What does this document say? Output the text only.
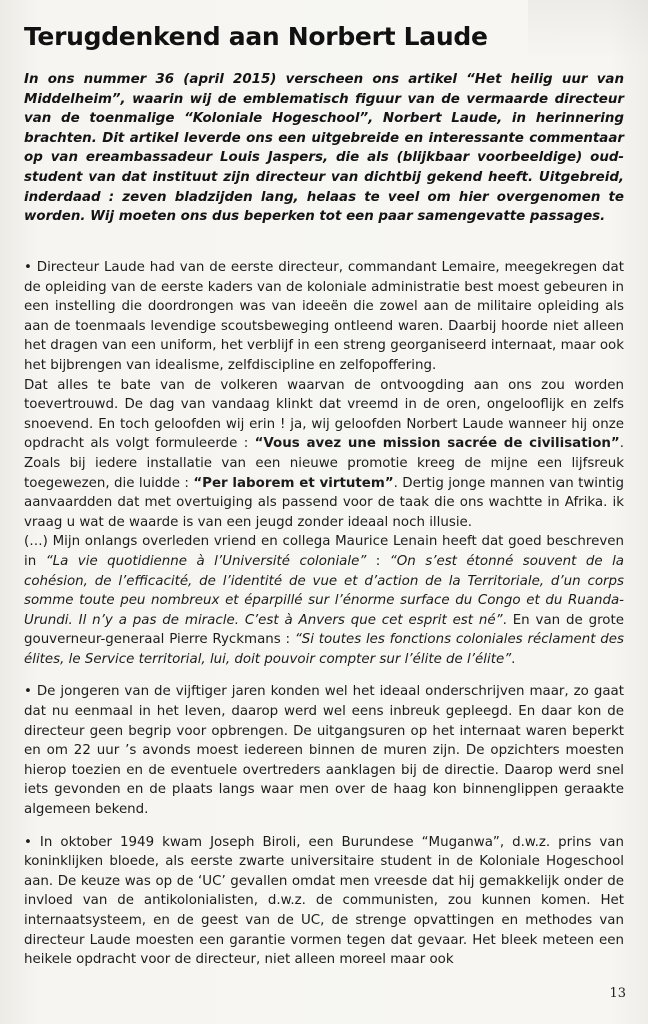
Terugdenkend aan Norbert Laude

In ons nummer 36 (april 2015) verscheen ons artikel “Het heilig uur van Middelheim”, waarin wij de emblematisch figuur van de vermaarde directeur van de toenmalige “Koloniale Hogeschool”, Norbert Laude, in herinnering brachten. Dit artikel leverde ons een uitgebreide en interessante commentaar op van ereambassadeur Louis Jaspers, die als (blijkbaar voorbeeldige) oud-student van dat instituut zijn directeur van dichtbij gekend heeft. Uitgebreid, inderdaad : zeven bladzijden lang, helaas te veel om hier overgenomen te worden. Wij moeten ons dus beperken tot een paar samengevatte passages.

• Directeur Laude had van de eerste directeur, commandant Lemaire, meegekregen dat de opleiding van de eerste kaders van de koloniale administratie best moest gebeuren in een instelling die doordrongen was van ideeën die zowel aan de militaire opleiding als aan de toenmaals levendige scoutsbeweging ontleend waren. Daarbij hoorde niet alleen het dragen van een uniform, het verblijf in een streng georganiseerd internaat, maar ook het bijbrengen van idealisme, zelfdiscipline en zelfopoffering.

Dat alles te bate van de volkeren waarvan de ontvoogding aan ons zou worden toevertrouwd. De dag van vandaag klinkt dat vreemd in de oren, ongelooflijk en zelfs snoevend. En toch geloofden wij erin ! ja, wij geloofden Norbert Laude wanneer hij onze opdracht als volgt formuleerde : “Vous avez une mission sacrée de civilisation”. Zoals bij iedere installatie van een nieuwe promotie kreeg de mijne een lijfsreuk toegewezen, die luidde : “Per laborem et virtutem”. Dertig jonge mannen van twintig aanvaardden dat met overtuiging als passend voor de taak die ons wachtte in Afrika. ik vraag u wat de waarde is van een jeugd zonder ideaal noch illusie.

(…) Mijn onlangs overleden vriend en collega Maurice Lenain heeft dat goed beschreven in “La vie quotidienne à l’Université coloniale” : “On s’est étonné souvent de la cohésion, de l’efficacité, de l’identité de vue et d’action de la Territoriale, d’un corps somme toute peu nombreux et éparpillé sur l’énorme surface du Congo et du Ruanda-Urundi. Il n’y a pas de miracle. C’est à Anvers que cet esprit est né”. En van de grote gouverneur-generaal Pierre Ryckmans : “Si toutes les fonctions coloniales réclament des élites, le Service territorial, lui, doit pouvoir compter sur l’élite de l’élite”.

• De jongeren van de vijftiger jaren konden wel het ideaal onderschrijven maar, zo gaat dat nu eenmaal in het leven, daarop werd wel eens inbreuk gepleegd. En daar kon de directeur geen begrip voor opbrengen. De uitgangsuren op het internaat waren beperkt en om 22 uur ’s avonds moest iedereen binnen de muren zijn. De opzichters moesten hierop toezien en de eventuele overtreders aanklagen bij de directie. Daarop werd snel iets gevonden en de plaats langs waar men over de haag kon binnenglippen geraakte algemeen bekend.

• In oktober 1949 kwam Joseph Biroli, een Burundese “Muganwa”, d.w.z. prins van koninklijken bloede, als eerste zwarte universitaire student in de Koloniale Hogeschool aan. De keuze was op de ‘UC’ gevallen omdat men vreesde dat hij gemakkelijk onder de invloed van de antikolonialisten, d.w.z. de communisten, zou kunnen komen. Het internaatsysteem, en de geest van de UC, de strenge opvattingen en methodes van directeur Laude moesten een garantie vormen tegen dat gevaar. Het bleek meteen een heikele opdracht voor de directeur, niet alleen moreel maar ook

13
